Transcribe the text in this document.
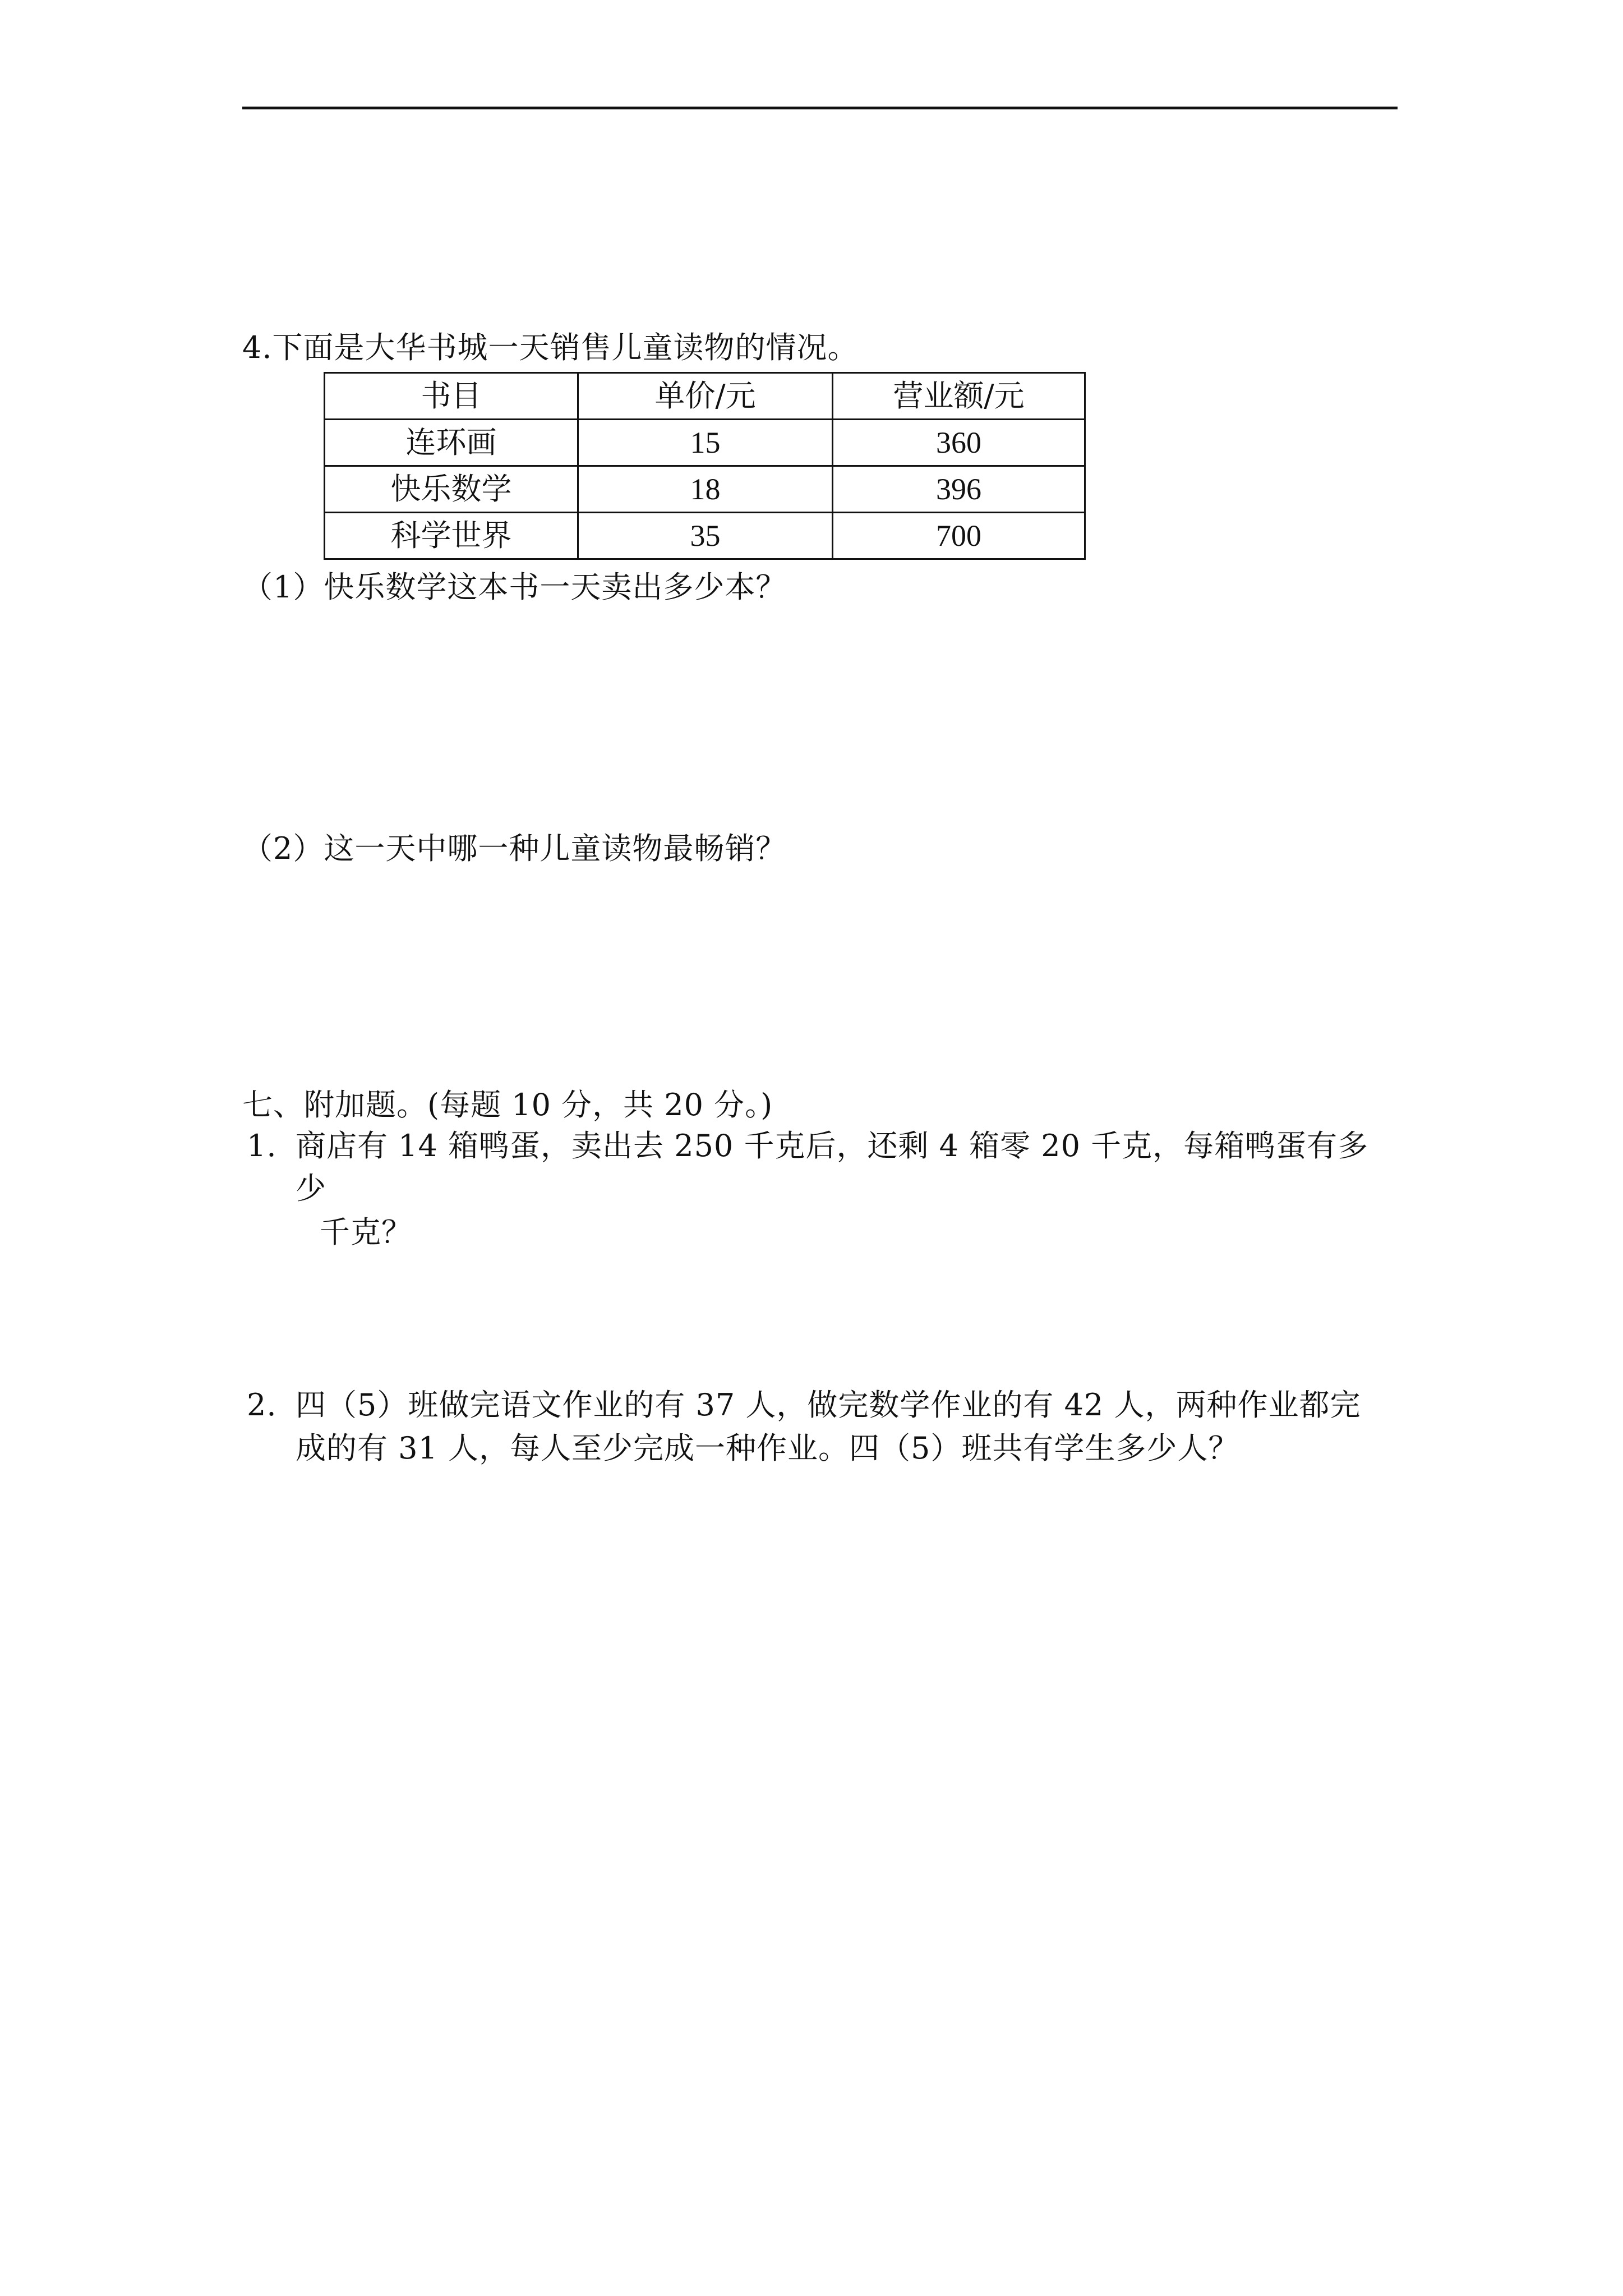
4.下面是大华书城一天销售儿童读物的情况。
书目	单价/元	营业额/元
连环画	15	360
快乐数学	18	396
科学世界	35	700
（1）快乐数学这本书一天卖出多少本？
（2）这一天中哪一种儿童读物最畅销？
七、附加题。(每题 10 分，共 20 分。)
1. 商店有 14 箱鸭蛋，卖出去 250 千克后，还剩 4 箱零 20 千克，每箱鸭蛋有多
少
千克？
2. 四（5）班做完语文作业的有 37 人，做完数学作业的有 42 人，两种作业都完
成的有 31 人，每人至少完成一种作业。四（5）班共有学生多少人？
